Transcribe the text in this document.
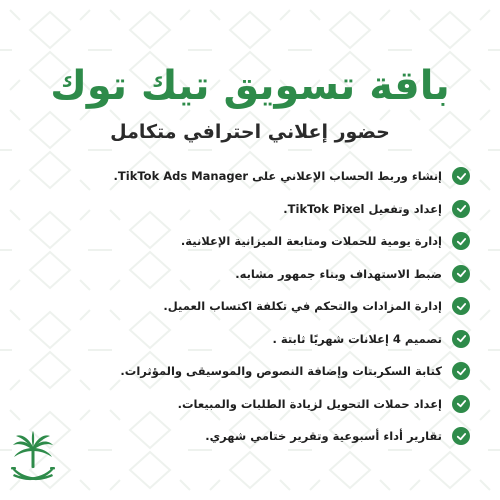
باقة تسويق تيك توك
حضور إعلاني احترافي متكامل
إنشاء وربط الحساب الإعلاني على TikTok Ads Manager.
إعداد وتفعيل TikTok Pixel.
إدارة يومية للحملات ومتابعة الميزانية الإعلانية.
ضبط الاستهداف وبناء جمهور مشابه.
إدارة المزادات والتحكم في تكلفة اكتساب العميل.
تصميم 4 إعلانات شهريًا ثابتة .
كتابة السكربتات وإضافة النصوص والموسيقى والمؤثرات.
إعداد حملات التحويل لزيادة الطلبات والمبيعات.
تقارير أداء أسبوعية وتقرير ختامي شهري.
